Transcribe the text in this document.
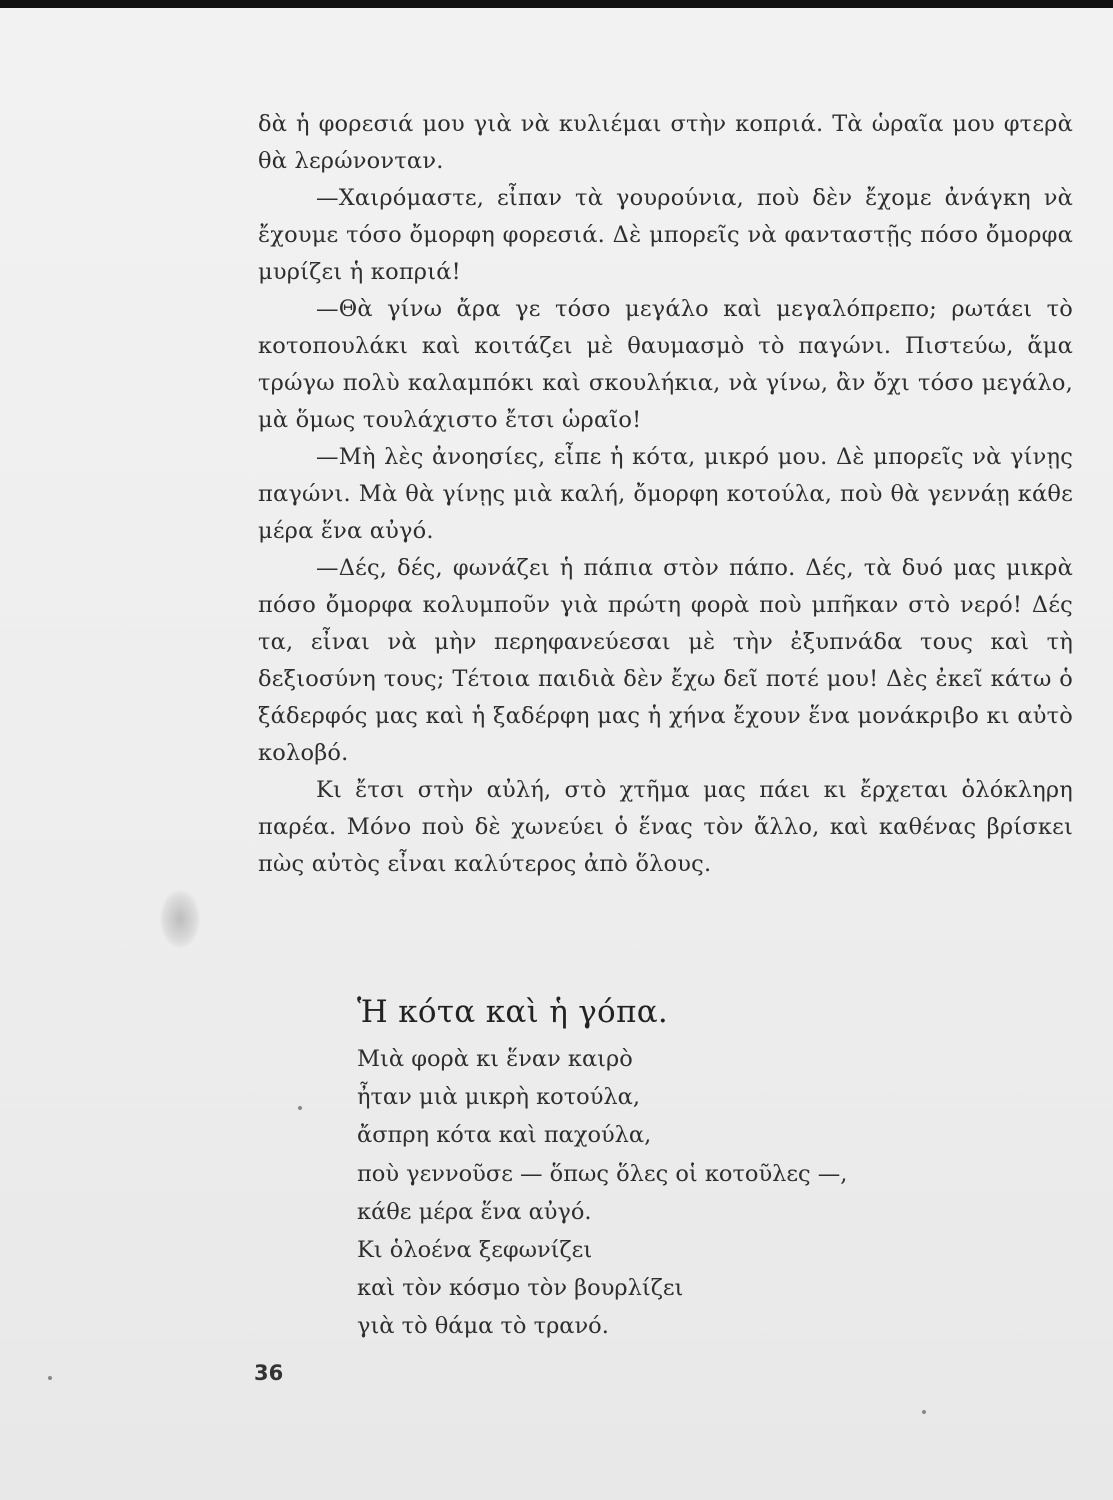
δὰ ἡ φορεσιά μου γιὰ νὰ κυλιέμαι στὴν κοπριά. Τὰ ὡραῖα μου φτερὰ θὰ λερώνονταν.

—Χαιρόμαστε, εἶπαν τὰ γουρούνια, ποὺ δὲν ἔχομε ἀνάγκη νὰ ἔχουμε τόσο ὄμορφη φορεσιά. Δὲ μπορεῖς νὰ φανταστῇς πόσο ὄμορφα μυρίζει ἡ κοπριά!

—Θὰ γίνω ἄρα γε τόσο μεγάλο καὶ μεγαλόπρεπο; ρωτάει τὸ κοτοπουλάκι καὶ κοιτάζει μὲ θαυμασμὸ τὸ παγώνι. Πιστεύω, ἅμα τρώγω πολὺ καλαμπόκι καὶ σκουλήκια, νὰ γίνω, ἂν ὄχι τόσο μεγάλο, μὰ ὅμως τουλάχιστο ἔτσι ὡραῖο!

—Μὴ λὲς ἀνοησίες, εἶπε ἡ κότα, μικρό μου. Δὲ μπορεῖς νὰ γίνῃς παγώνι. Μὰ θὰ γίνῃς μιὰ καλή, ὄμορφη κοτούλα, ποὺ θὰ γεννάῃ κάθε μέρα ἕνα αὐγό.

—Δές, δές, φωνάζει ἡ πάπια στὸν πάπο. Δές, τὰ δυό μας μικρὰ πόσο ὄμορφα κολυμποῦν γιὰ πρώτη φορὰ ποὺ μπῆκαν στὸ νερό! Δές τα, εἶναι νὰ μὴν περηφανεύεσαι μὲ τὴν ἐξυπνάδα τους καὶ τὴ δεξιοσύνη τους; Τέτοια παιδιὰ δὲν ἔχω δεῖ ποτέ μου! Δὲς ἐκεῖ κάτω ὁ ξάδερφός μας καὶ ἡ ξαδέρφη μας ἡ χήνα ἔχουν ἕνα μονάκριβο κι αὐτὸ κολοβό.

Κι ἔτσι στὴν αὐλή, στὸ χτῆμα μας πάει κι ἔρχεται ὁλόκληρη παρέα. Μόνο ποὺ δὲ χωνεύει ὁ ἕνας τὸν ἄλλο, καὶ καθένας βρίσκει πὼς αὐτὸς εἶναι καλύτερος ἀπὸ ὅλους.

Ἡ κότα καὶ ἡ γόπα.
Μιὰ φορὰ κι ἕναν καιρὸ
ἦταν μιὰ μικρὴ κοτούλα,
ἄσπρη κότα καὶ παχούλα,
ποὺ γεννοῦσε — ὅπως ὅλες οἱ κοτοῦλες —,
κάθε μέρα ἕνα αὐγό.
Κι ὁλοένα ξεφωνίζει
καὶ τὸν κόσμο τὸν βουρλίζει
γιὰ τὸ θάμα τὸ τρανό.
36
